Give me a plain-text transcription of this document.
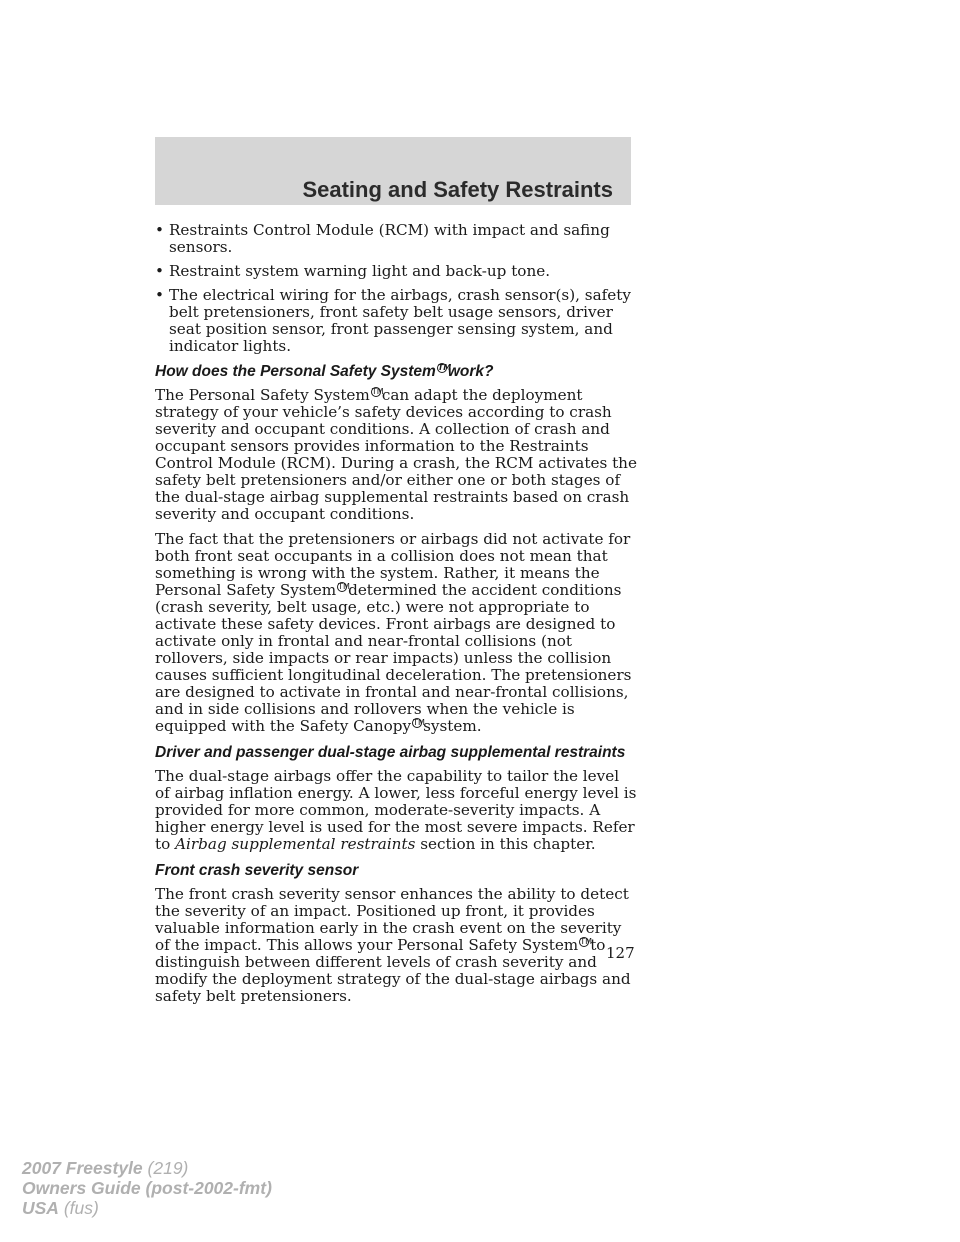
Seating and Safety Restraints
• Restraints Control Module (RCM) with impact and safing sensors.
• Restraint system warning light and back-up tone.
• The electrical wiring for the airbags, crash sensor(s), safety belt pretensioners, front safety belt usage sensors, driver seat position sensor, front passenger sensing system, and indicator lights.
How does the Personal Safety System TMwork?

The Personal Safety System TMcan adapt the deployment strategy of your vehicle’s safety devices according to crash severity and occupant conditions. A collection of crash and occupant sensors provides information to the Restraints Control Module (RCM). During a crash, the RCM activates the safety belt pretensioners and/or either one or both stages of the dual-stage airbag supplemental restraints based on crash severity and occupant conditions.

The fact that the pretensioners or airbags did not activate for both front seat occupants in a collision does not mean that something is wrong with the system. Rather, it means the Personal Safety System TMdetermined the accident conditions (crash severity, belt usage, etc.) were not appropriate to activate these safety devices. Front airbags are designed to activate only in frontal and near-frontal collisions (not rollovers, side impacts or rear impacts) unless the collision causes sufficient longitudinal deceleration. The pretensioners are designed to activate in frontal and near-frontal collisions, and in side collisions and rollovers when the vehicle is equipped with the Safety Canopy TMsystem.

Driver and passenger dual-stage airbag supplemental restraints

The dual-stage airbags offer the capability to tailor the level of airbag inflation energy. A lower, less forceful energy level is provided for more common, moderate-severity impacts. A higher energy level is used for the most severe impacts. Refer to Airbag supplemental restraints section in this chapter.

Front crash severity sensor

The front crash severity sensor enhances the ability to detect the severity of an impact. Positioned up front, it provides valuable information early in the crash event on the severity of the impact. This allows your Personal Safety System TMto distinguish between different levels of crash severity and modify the deployment strategy of the dual-stage airbags and safety belt pretensioners.

127
2007 Freestyle (219)
Owners Guide (post-2002-fmt)
USA (fus)
